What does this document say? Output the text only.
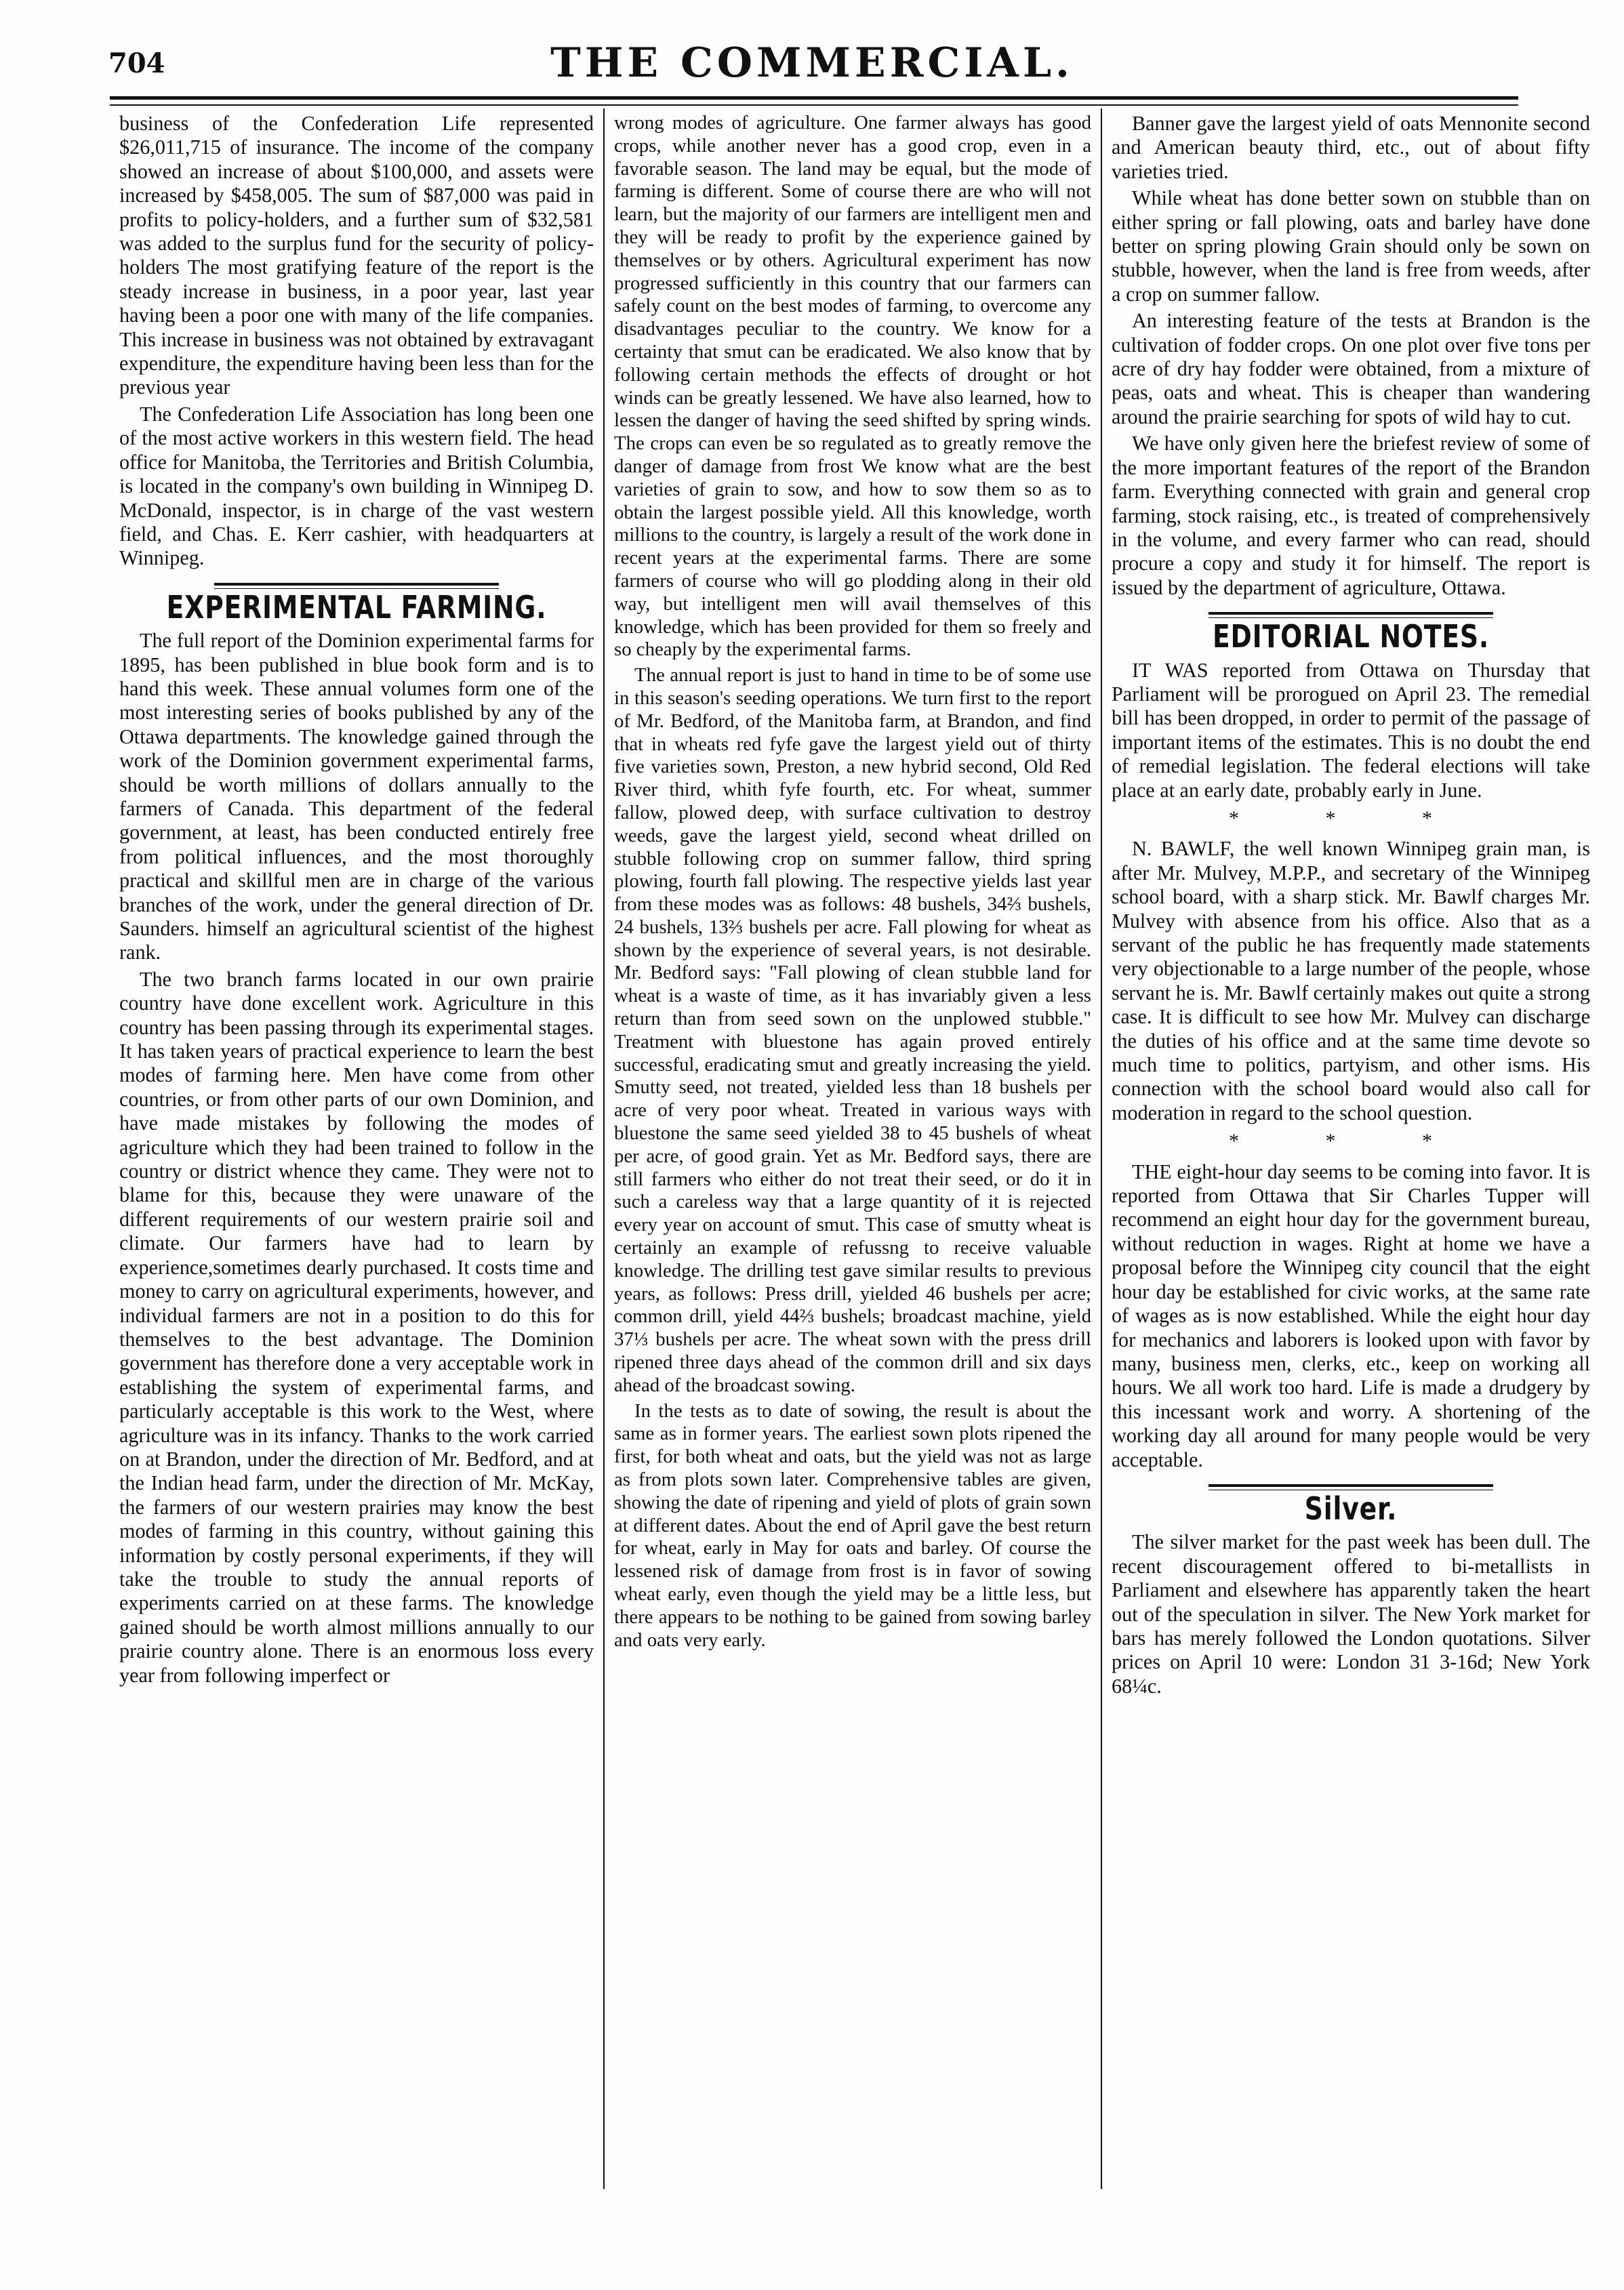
704	THE COMMERCIAL.

business of the Confederation Life represented $26,011,715 of insurance. The income of the company showed an increase of about $100,000, and assets were increased by $458,005. The sum of $87,000 was paid in profits to policy-holders, and a further sum of $32,581 was added to the surplus fund for the security of policy-holders The most gratifying feature of the report is the steady increase in business, in a poor year, last year having been a poor one with many of the life companies. This increase in business was not obtained by extravagant expenditure, the expenditure having been less than for the previous year

The Confederation Life Association has long been one of the most active workers in this western field. The head office for Manitoba, the Territories and British Columbia, is located in the company's own building in Winnipeg D. McDonald, inspector, is in charge of the vast western field, and Chas. E. Kerr cashier, with headquarters at Winnipeg.

EXPERIMENTAL FARMING.

The full report of the Dominion experimental farms for 1895, has been published in blue book form and is to hand this week. These annual volumes form one of the most interesting series of books published by any of the Ottawa departments. The knowledge gained through the work of the Dominion government experimental farms, should be worth millions of dollars annually to the farmers of Canada. This department of the federal government, at least, has been conducted entirely free from political influences, and the most thoroughly practical and skillful men are in charge of the various branches of the work, under the general direction of Dr. Saunders. himself an agricultural scientist of the highest rank.

The two branch farms located in our own prairie country have done excellent work. Agriculture in this country has been passing through its experimental stages. It has taken years of practical experience to learn the best modes of farming here. Men have come from other countries, or from other parts of our own Dominion, and have made mistakes by following the modes of agriculture which they had been trained to follow in the country or district whence they came. They were not to blame for this, because they were unaware of the different requirements of our western prairie soil and climate. Our farmers have had to learn by experience,sometimes dearly purchased. It costs time and money to carry on agricultural experiments, however, and individual farmers are not in a position to do this for themselves to the best advantage. The Dominion government has therefore done a very acceptable work in establishing the system of experimental farms, and particularly acceptable is this work to the West, where agriculture was in its infancy. Thanks to the work carried on at Brandon, under the direction of Mr. Bedford, and at the Indian head farm, under the direction of Mr. McKay, the farmers of our western prairies may know the best modes of farming in this country, without gaining this information by costly personal experiments, if they will take the trouble to study the annual reports of experiments carried on at these farms. The knowledge gained should be worth almost millions annually to our prairie country alone. There is an enormous loss every year from following imperfect or

wrong modes of agriculture. One farmer always has good crops, while another never has a good crop, even in a favorable season. The land may be equal, but the mode of farming is different. Some of course there are who will not learn, but the majority of our farmers are intelligent men and they will be ready to profit by the experience gained by themselves or by others. Agricultural experiment has now progressed sufficiently in this country that our farmers can safely count on the best modes of farming, to overcome any disadvantages peculiar to the country. We know for a certainty that smut can be eradicated. We also know that by following certain methods the effects of drought or hot winds can be greatly lessened. We have also learned, how to lessen the danger of having the seed shifted by spring winds. The crops can even be so regulated as to greatly remove the danger of damage from frost We know what are the best varieties of grain to sow, and how to sow them so as to obtain the largest possible yield. All this knowledge, worth millions to the country, is largely a result of the work done in recent years at the experimental farms. There are some farmers of course who will go plodding along in their old way, but intelligent men will avail themselves of this knowledge, which has been provided for them so freely and so cheaply by the experimental farms.

The annual report is just to hand in time to be of some use in this season's seeding operations. We turn first to the report of Mr. Bedford, of the Manitoba farm, at Brandon, and find that in wheats red fyfe gave the largest yield out of thirty five varieties sown, Preston, a new hybrid second, Old Red River third, whith fyfe fourth, etc. For wheat, summer fallow, plowed deep, with surface cultivation to destroy weeds, gave the largest yield, second wheat drilled on stubble following crop on summer fallow, third spring plowing, fourth fall plowing. The respective yields last year from these modes was as follows: 48 bushels, 34⅔ bushels, 24 bushels, 13⅔ bushels per acre. Fall plowing for wheat as shown by the experience of several years, is not desirable. Mr. Bedford says: "Fall plowing of clean stubble land for wheat is a waste of time, as it has invariably given a less return than from seed sown on the unplowed stubble." Treatment with bluestone has again proved entirely successful, eradicating smut and greatly increasing the yield. Smutty seed, not treated, yielded less than 18 bushels per acre of very poor wheat. Treated in various ways with bluestone the same seed yielded 38 to 45 bushels of wheat per acre, of good grain. Yet as Mr. Bedford says, there are still farmers who either do not treat their seed, or do it in such a careless way that a large quantity of it is rejected every year on account of smut. This case of smutty wheat is certainly an example of refussng to receive valuable knowledge. The drilling test gave similar results to previous years, as follows: Press drill, yielded 46 bushels per acre; common drill, yield 44⅔ bushels; broadcast machine, yield 37⅓ bushels per acre. The wheat sown with the press drill ripened three days ahead of the common drill and six days ahead of the broadcast sowing.

In the tests as to date of sowing, the result is about the same as in former years. The earliest sown plots ripened the first, for both wheat and oats, but the yield was not as large as from plots sown later. Comprehensive tables are given, showing the date of ripening and yield of plots of grain sown at different dates. About the end of April gave the best return for wheat, early in May for oats and barley. Of course the lessened risk of damage from frost is in favor of sowing wheat early, even though the yield may be a little less, but there appears to be nothing to be gained from sowing barley and oats very early.

Banner gave the largest yield of oats Mennonite second and American beauty third, etc., out of about fifty varieties tried.

While wheat has done better sown on stubble than on either spring or fall plowing, oats and barley have done better on spring plowing Grain should only be sown on stubble, however, when the land is free from weeds, after a crop on summer fallow.

An interesting feature of the tests at Brandon is the cultivation of fodder crops. On one plot over five tons per acre of dry hay fodder were obtained, from a mixture of peas, oats and wheat. This is cheaper than wandering around the prairie searching for spots of wild hay to cut.

We have only given here the briefest review of some of the more important features of the report of the Brandon farm. Everything connected with grain and general crop farming, stock raising, etc., is treated of comprehensively in the volume, and every farmer who can read, should procure a copy and study it for himself. The report is issued by the department of agriculture, Ottawa.

EDITORIAL NOTES.

IT WAS reported from Ottawa on Thursday that Parliament will be prorogued on April 23. The remedial bill has been dropped, in order to permit of the passage of important items of the estimates. This is no doubt the end of remedial legislation. The federal elections will take place at an early date, probably early in June.

* * *

N. BAWLF, the well known Winnipeg grain man, is after Mr. Mulvey, M.P.P., and secretary of the Winnipeg school board, with a sharp stick. Mr. Bawlf charges Mr. Mulvey with absence from his office. Also that as a servant of the public he has frequently made statements very objectionable to a large number of the people, whose servant he is. Mr. Bawlf certainly makes out quite a strong case. It is difficult to see how Mr. Mulvey can discharge the duties of his office and at the same time devote so much time to politics, partyism, and other isms. His connection with the school board would also call for moderation in regard to the school question.

* * *

THE eight-hour day seems to be coming into favor. It is reported from Ottawa that Sir Charles Tupper will recommend an eight hour day for the government bureau, without reduction in wages. Right at home we have a proposal before the Winnipeg city council that the eight hour day be established for civic works, at the same rate of wages as is now established. While the eight hour day for mechanics and laborers is looked upon with favor by many, business men, clerks, etc., keep on working all hours. We all work too hard. Life is made a drudgery by this incessant work and worry. A shortening of the working day all around for many people would be very acceptable.

Silver.

The silver market for the past week has been dull. The recent discouragement offered to bi-metallists in Parliament and elsewhere has apparently taken the heart out of the speculation in silver. The New York market for bars has merely followed the London quotations. Silver prices on April 10 were: London 31 3-16d; New York 68¼c.
